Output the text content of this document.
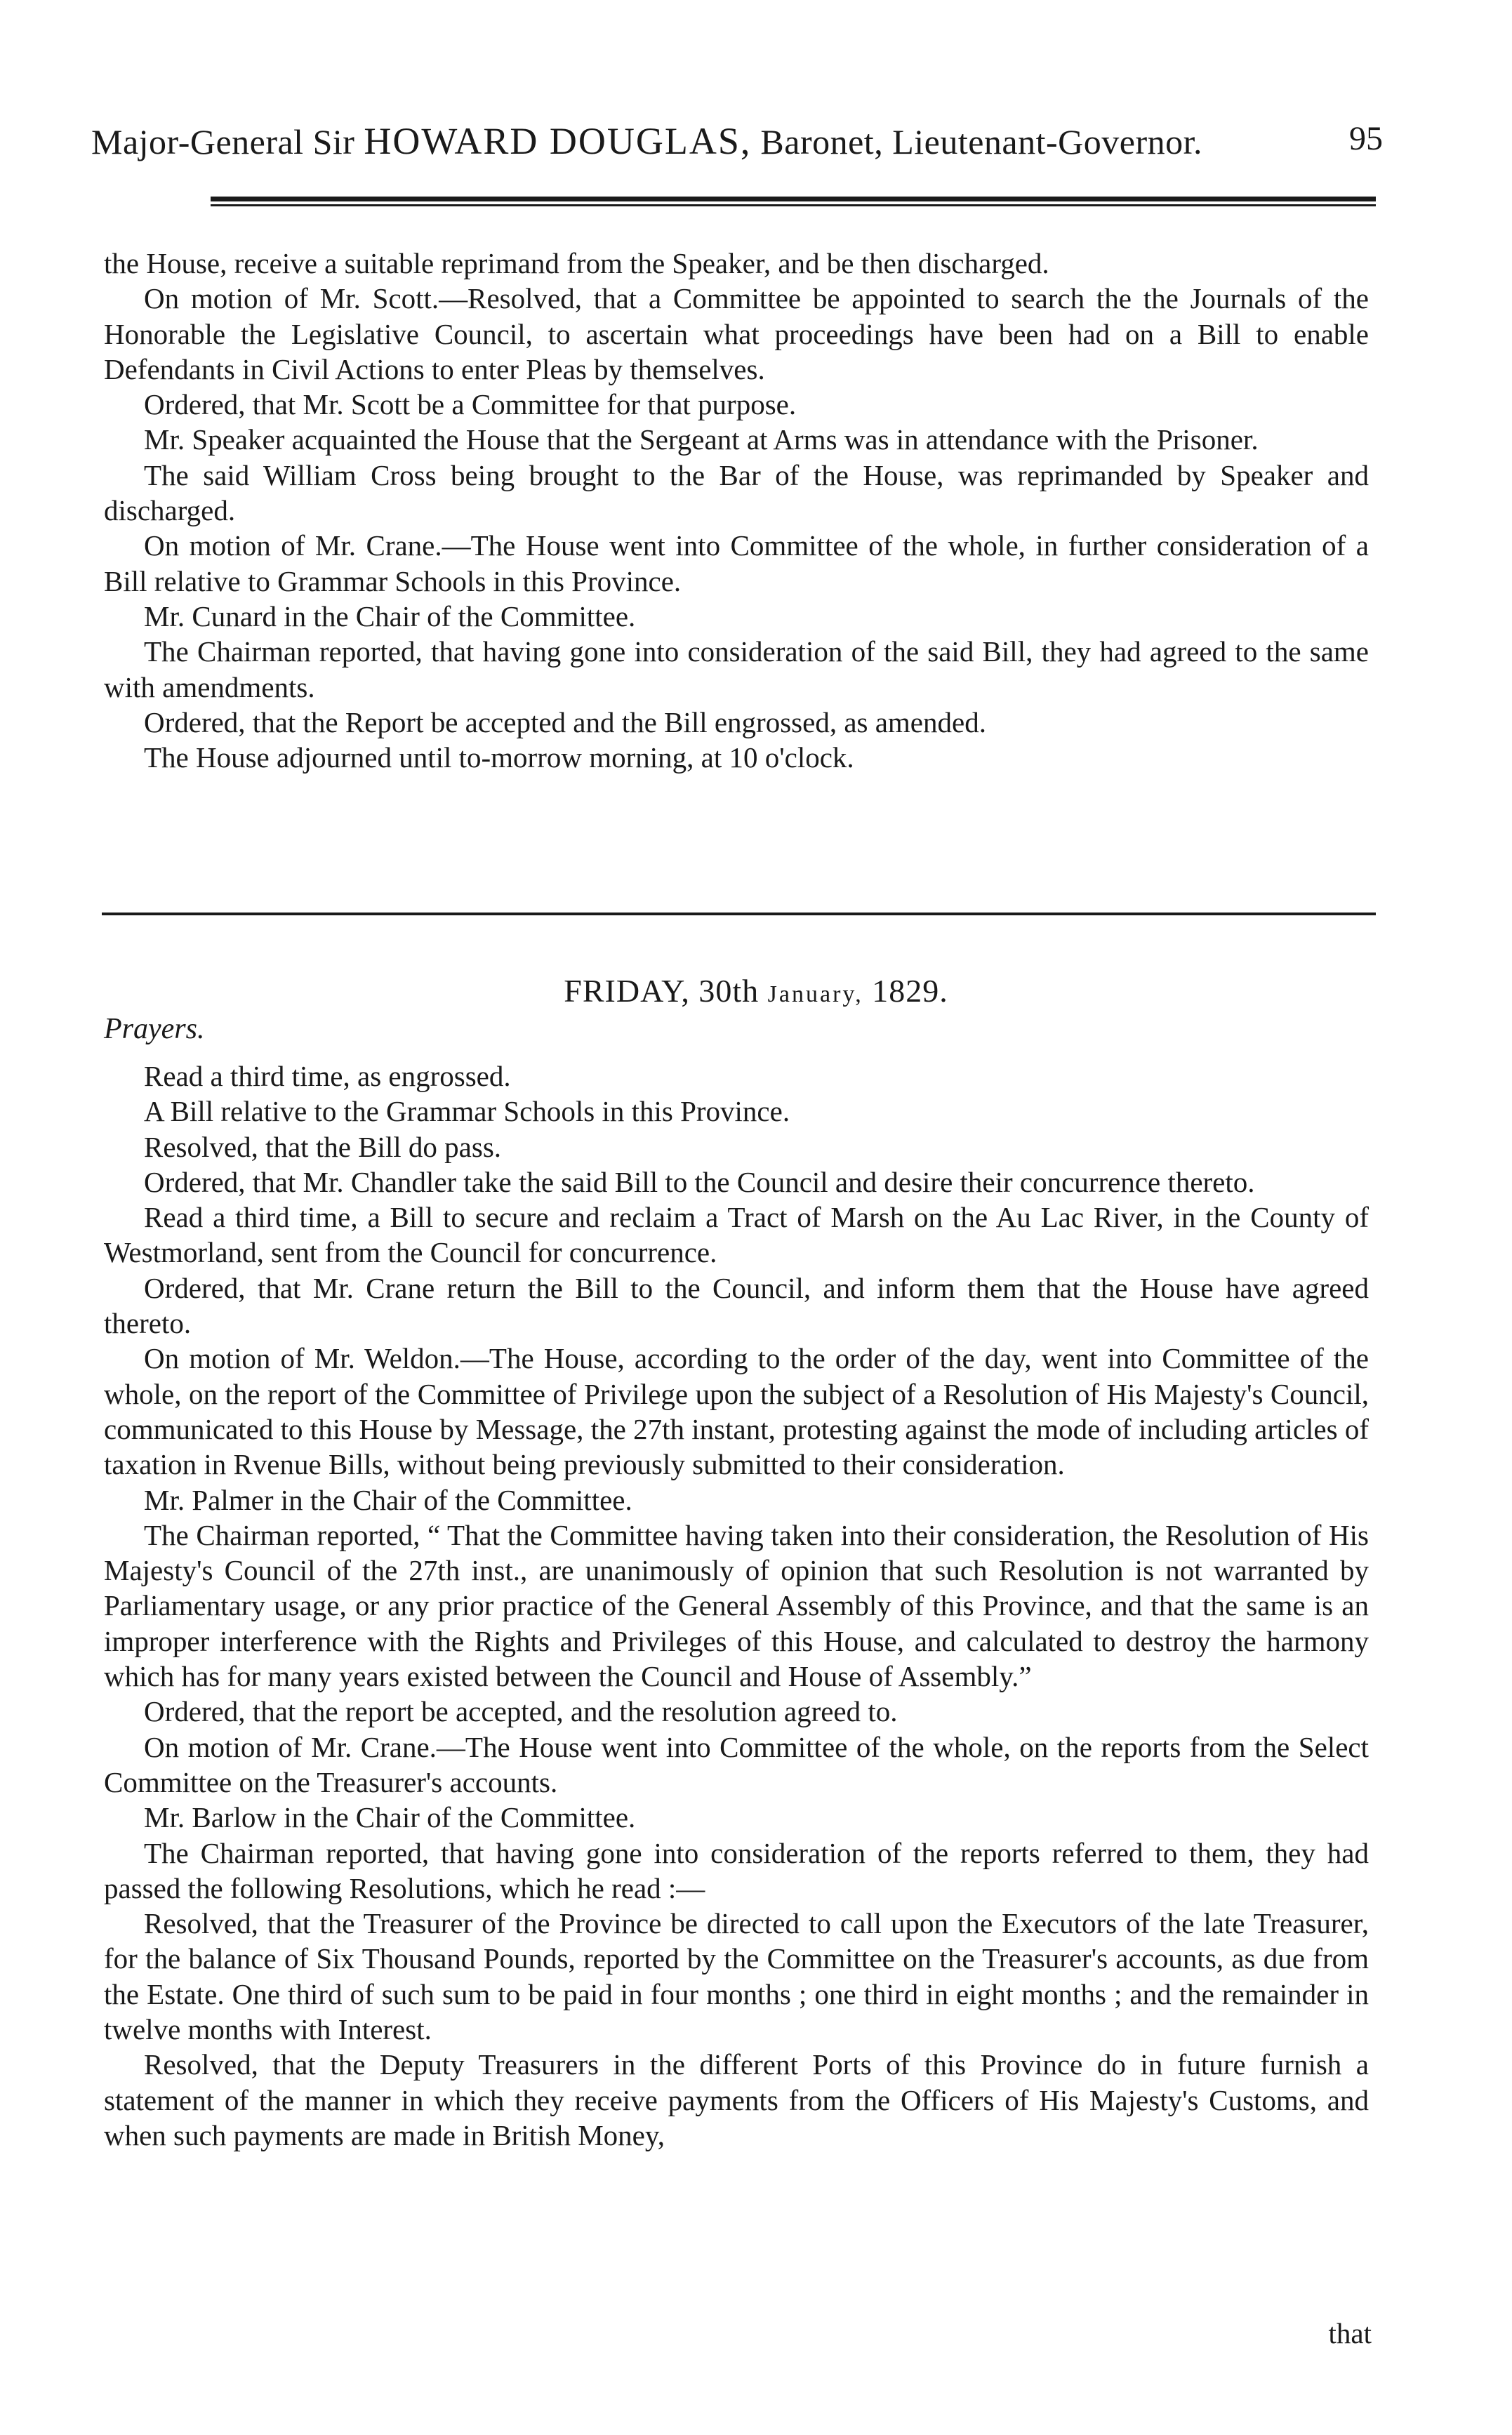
Major-General Sir HOWARD DOUGLAS, Baronet, Lieutenant-Governor.	95

the House, receive a suitable reprimand from the Speaker, and be then discharged.

On motion of Mr. Scott.—Resolved, that a Committee be appointed to search the the Journals of the Honorable the Legislative Council, to ascertain what proceedings have been had on a Bill to enable Defendants in Civil Actions to enter Pleas by themselves.

Ordered, that Mr. Scott be a Committee for that purpose.

Mr. Speaker acquainted the House that the Sergeant at Arms was in attendance with the Prisoner.

The said William Cross being brought to the Bar of the House, was reprimanded by Speaker and discharged.

On motion of Mr. Crane.—The House went into Committee of the whole, in further consideration of a Bill relative to Grammar Schools in this Province.

Mr. Cunard in the Chair of the Committee.

The Chairman reported, that having gone into consideration of the said Bill, they had agreed to the same with amendments.

Ordered, that the Report be accepted and the Bill engrossed, as amended.

The House adjourned until to-morrow morning, at 10 o'clock.

FRIDAY, 30th January, 1829.
Prayers.

Read a third time, as engrossed.

A Bill relative to the Grammar Schools in this Province.

Resolved, that the Bill do pass.

Ordered, that Mr. Chandler take the said Bill to the Council and desire their concurrence thereto.

Read a third time, a Bill to secure and reclaim a Tract of Marsh on the Au Lac River, in the County of Westmorland, sent from the Council for concurrence.

Ordered, that Mr. Crane return the Bill to the Council, and inform them that the House have agreed thereto.

On motion of Mr. Weldon.—The House, according to the order of the day, went into Committee of the whole, on the report of the Committee of Privilege upon the subject of a Resolution of His Majesty's Council, communicated to this House by Message, the 27th instant, protesting against the mode of including articles of taxation in Rvenue Bills, without being previously submitted to their consideration.

Mr. Palmer in the Chair of the Committee.

The Chairman reported, “ That the Committee having taken into their consideration, the Resolution of His Majesty's Council of the 27th inst., are unanimously of opinion that such Resolution is not warranted by Parliamentary usage, or any prior practice of the General Assembly of this Province, and that the same is an improper interference with the Rights and Privileges of this House, and calculated to destroy the harmony which has for many years existed between the Council and House of Assembly.”

Ordered, that the report be accepted, and the resolution agreed to.

On motion of Mr. Crane.—The House went into Committee of the whole, on the reports from the Select Committee on the Treasurer's accounts.

Mr. Barlow in the Chair of the Committee.

The Chairman reported, that having gone into consideration of the reports referred to them, they had passed the following Resolutions, which he read :—

Resolved, that the Treasurer of the Province be directed to call upon the Executors of the late Treasurer, for the balance of Six Thousand Pounds, reported by the Committee on the Treasurer's accounts, as due from the Estate. One third of such sum to be paid in four months ; one third in eight months ; and the remainder in twelve months with Interest.

Resolved, that the Deputy Treasurers in the different Ports of this Province do in future furnish a statement of the manner in which they receive payments from the Officers of His Majesty's Customs, and when such payments are made in British Money,

that
